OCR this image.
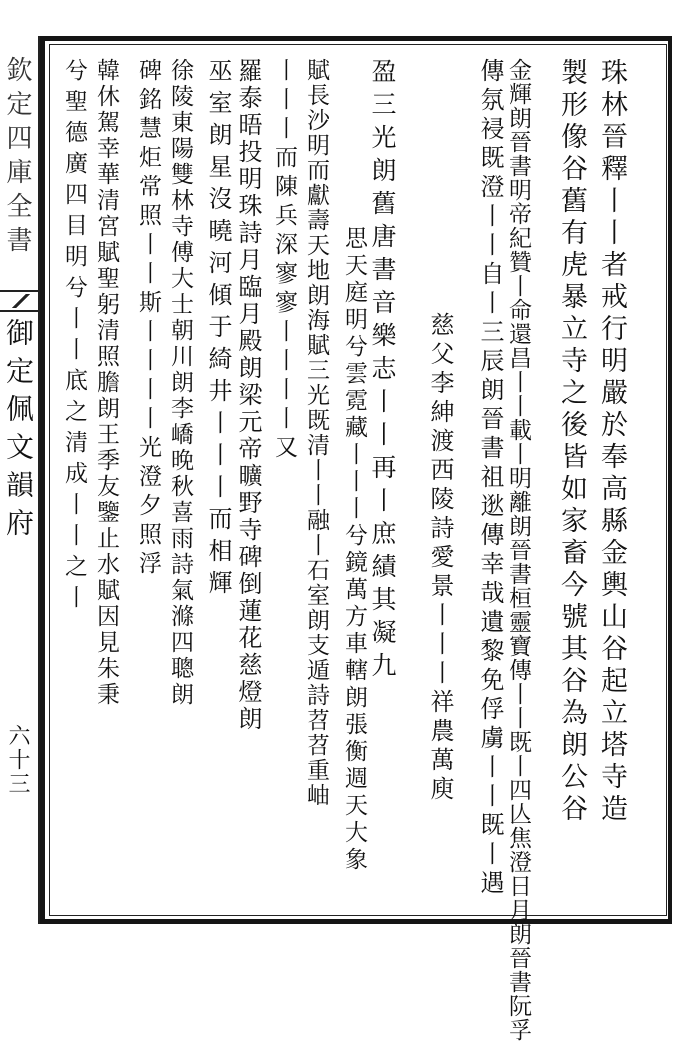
欽定四庫全書
御定佩文韻府
六十三	珠林晉釋丨丨者戒行明嚴於奉高縣金輿山谷起立塔寺造
製形像谷舊有虎暴立寺之後皆如家畜今號其谷為朗公谷
金輝朗晉書明帝紀贊丨命還昌丨丨載丨明離朗晉書桓靈寶傳丨丨既丨四亾焦澄日月朗晉書阮孚
傳氛祲既澄丨丨自丨三辰朗晉書祖逖傳幸哉遺黎免俘虜丨丨既丨遇
慈父李紳渡西陵詩愛景丨丨丨祥農萬庾
盈三光朗舊唐書音樂志丨丨再丨庶績其凝九
思天庭明兮雲霓藏丨丨丨兮鏡萬方車轄朗張衡週天大象
賦長沙明而獻壽天地朗海賦三光既清丨丨融丨石室朗支遁詩苕苕重岫
丨丨丨而陳兵深寥寥丨丨丨丨又
羅泰晤投明珠詩月臨月殿朗梁元帝曠野寺碑倒蓮花慈燈朗
巫室朗星沒曉河傾于綺井丨丨丨而相輝
徐陵東陽雙林寺傅大士朝川朗李嶠晚秋喜雨詩氣滌四聰朗
碑銘慧炬常照丨丨斯丨丨丨丨光澄夕照浮
韓休駕幸華清宮賦聖躬清照膽朗王季友鑒止水賦因見朱秉
兮聖德廣四目明兮丨丨底之清成丨丨之丨
